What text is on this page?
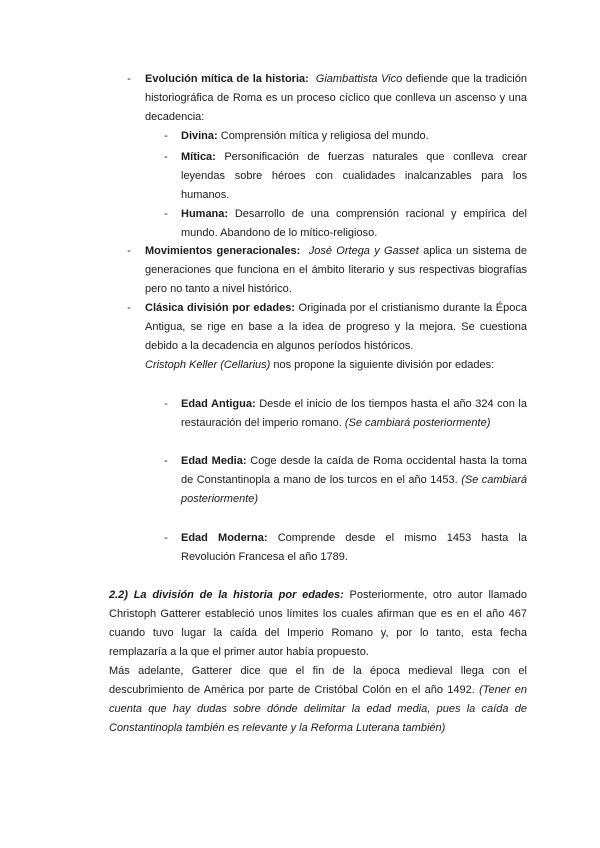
- Evolución mítica de la historia: Giambattista Vico defiende que la tradición historiográfica de Roma es un proceso cíclico que conlleva un ascenso y una decadencia:
- Divina: Comprensión mítica y religiosa del mundo.
- Mítica: Personificación de fuerzas naturales que conlleva crear leyendas sobre héroes con cualidades inalcanzables para los humanos.
- Humana: Desarrollo de una comprensión racional y empírica del mundo. Abandono de lo mítico-religioso.
- Movimientos generacionales: José Ortega y Gasset aplica un sistema de generaciones que funciona en el ámbito literario y sus respectivas biografías pero no tanto a nivel histórico.
- Clásica división por edades: Originada por el cristianismo durante la Época Antigua, se rige en base a la idea de progreso y la mejora. Se cuestiona debido a la decadencia en algunos períodos históricos.
Cristoph Keller (Cellarius) nos propone la siguiente división por edades:
- Edad Antigua: Desde el inicio de los tiempos hasta el año 324 con la restauración del imperio romano. (Se cambiará posteriormente)
- Edad Media: Coge desde la caída de Roma occidental hasta la toma de Constantinopla a mano de los turcos en el año 1453. (Se cambiará posteriormente)
- Edad Moderna: Comprende desde el mismo 1453 hasta la Revolución Francesa el año 1789.
2.2) La división de la historia por edades: Posteriormente, otro autor llamado Christoph Gatterer estableció unos límites los cuales afirman que es en el año 467 cuando tuvo lugar la caída del Imperio Romano y, por lo tanto, esta fecha remplazaría a la que el primer autor había propuesto.
Más adelante, Gatterer dice que el fin de la época medieval llega con el descubrimiento de América por parte de Cristóbal Colón en el año 1492. (Tener en cuenta que hay dudas sobre dónde delimitar la edad media, pues la caída de Constantinopla también es relevante y la Reforma Luterana también)
